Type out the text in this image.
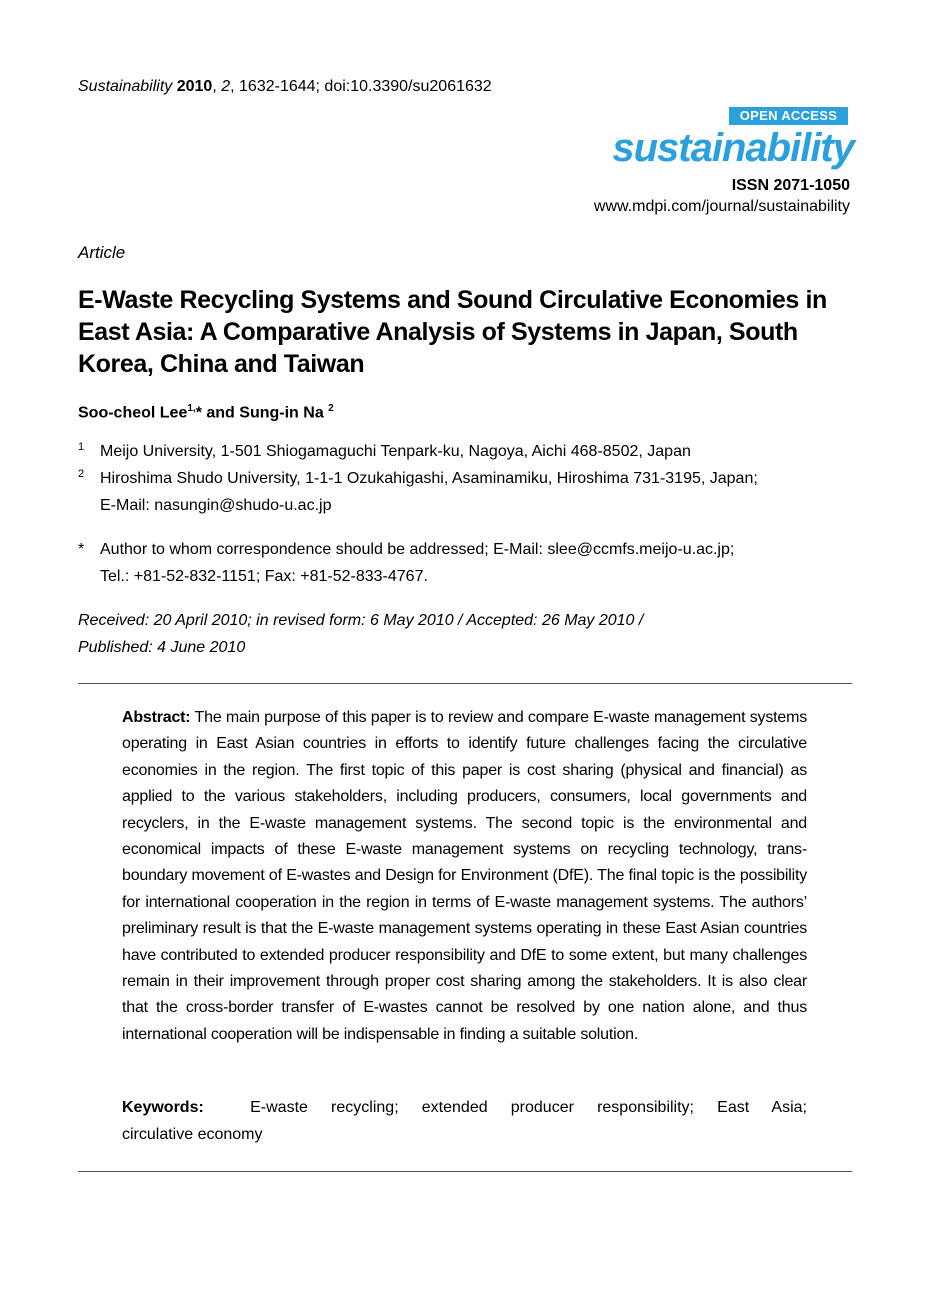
Sustainability 2010, 2, 1632-1644; doi:10.3390/su2061632
OPEN ACCESS
sustainability
ISSN 2071-1050
www.mdpi.com/journal/sustainability
Article
E-Waste Recycling Systems and Sound Circulative Economies in East Asia: A Comparative Analysis of Systems in Japan, South Korea, China and Taiwan
Soo-cheol Lee$^{1,}$* and Sung-in Na $^2$
1 Meijo University, 1-501 Shiogamaguchi Tenpark-ku, Nagoya, Aichi 468-8502, Japan
2 Hiroshima Shudo University, 1-1-1 Ozukahigashi, Asaminamiku, Hiroshima 731-3195, Japan;
E-Mail: nasungin@shudo-u.ac.jp
* Author to whom correspondence should be addressed; E-Mail: slee@ccmfs.meijo-u.ac.jp;
Tel.: +81-52-832-1151; Fax: +81-52-833-4767.
Received: 20 April 2010; in revised form: 6 May 2010 / Accepted: 26 May 2010 /
Published: 4 June 2010
Abstract: The main purpose of this paper is to review and compare E-waste management systems operating in East Asian countries in efforts to identify future challenges facing the circulative economies in the region. The first topic of this paper is cost sharing (physical and financial) as applied to the various stakeholders, including producers, consumers, local governments and recyclers, in the E-waste management systems. The second topic is the environmental and economical impacts of these E-waste management systems on recycling technology, trans-boundary movement of E-wastes and Design for Environment (DfE). The final topic is the possibility for international cooperation in the region in terms of E-waste management systems. The authors’ preliminary result is that the E-waste management systems operating in these East Asian countries have contributed to extended producer responsibility and DfE to some extent, but many challenges remain in their improvement through proper cost sharing among the stakeholders. It is also clear that the cross-border transfer of E-wastes cannot be resolved by one nation alone, and thus international cooperation will be indispensable in finding a suitable solution.
Keywords:	E-waste recycling; extended producer responsibility; East Asia;
circulative economy
